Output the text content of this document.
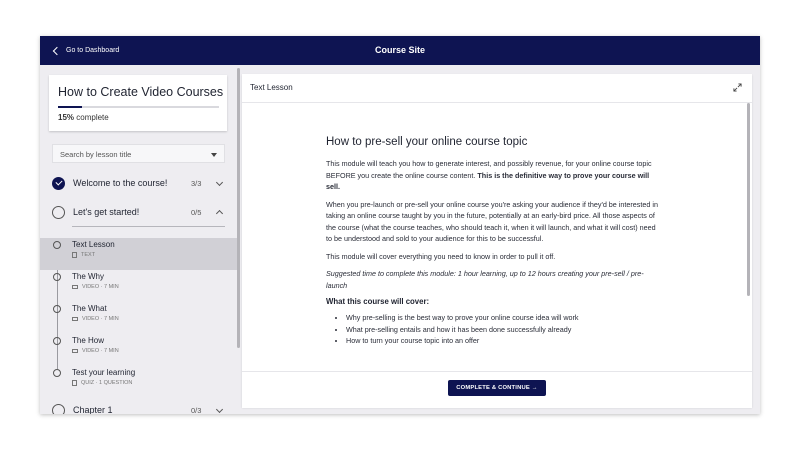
Go to Dashboard	Course Site
How to Create Video Courses
15% complete
Search by lesson title
Welcome to the course!	3/3
Let's get started!	0/5
Text Lesson
TEXT
The Why
VIDEO · 7 MIN
The What
VIDEO · 7 MIN
The How
VIDEO · 7 MIN
Test your learning
QUIZ · 1 QUESTION
Chapter 1	0/3
Text Lesson
How to pre-sell your online course topic

This module will teach you how to generate interest, and possibly revenue, for your online course topic BEFORE you create the online course content. This is the definitive way to prove your course will sell.

When you pre-launch or pre-sell your online course you're asking your audience if they'd be interested in taking an online course taught by you in the future, potentially at an early-bird price. All those aspects of the course (what the course teaches, who should teach it, when it will launch, and what it will cost) need to be understood and sold to your audience for this to be successful.

This module will cover everything you need to know in order to pull it off.

Suggested time to complete this module: 1 hour learning, up to 12 hours creating your pre-sell / pre-launch

What this course will cover:
• Why pre-selling is the best way to prove your online course idea will work
• What pre-selling entails and how it has been done successfully already
• How to turn your course topic into an offer
COMPLETE & CONTINUE →
